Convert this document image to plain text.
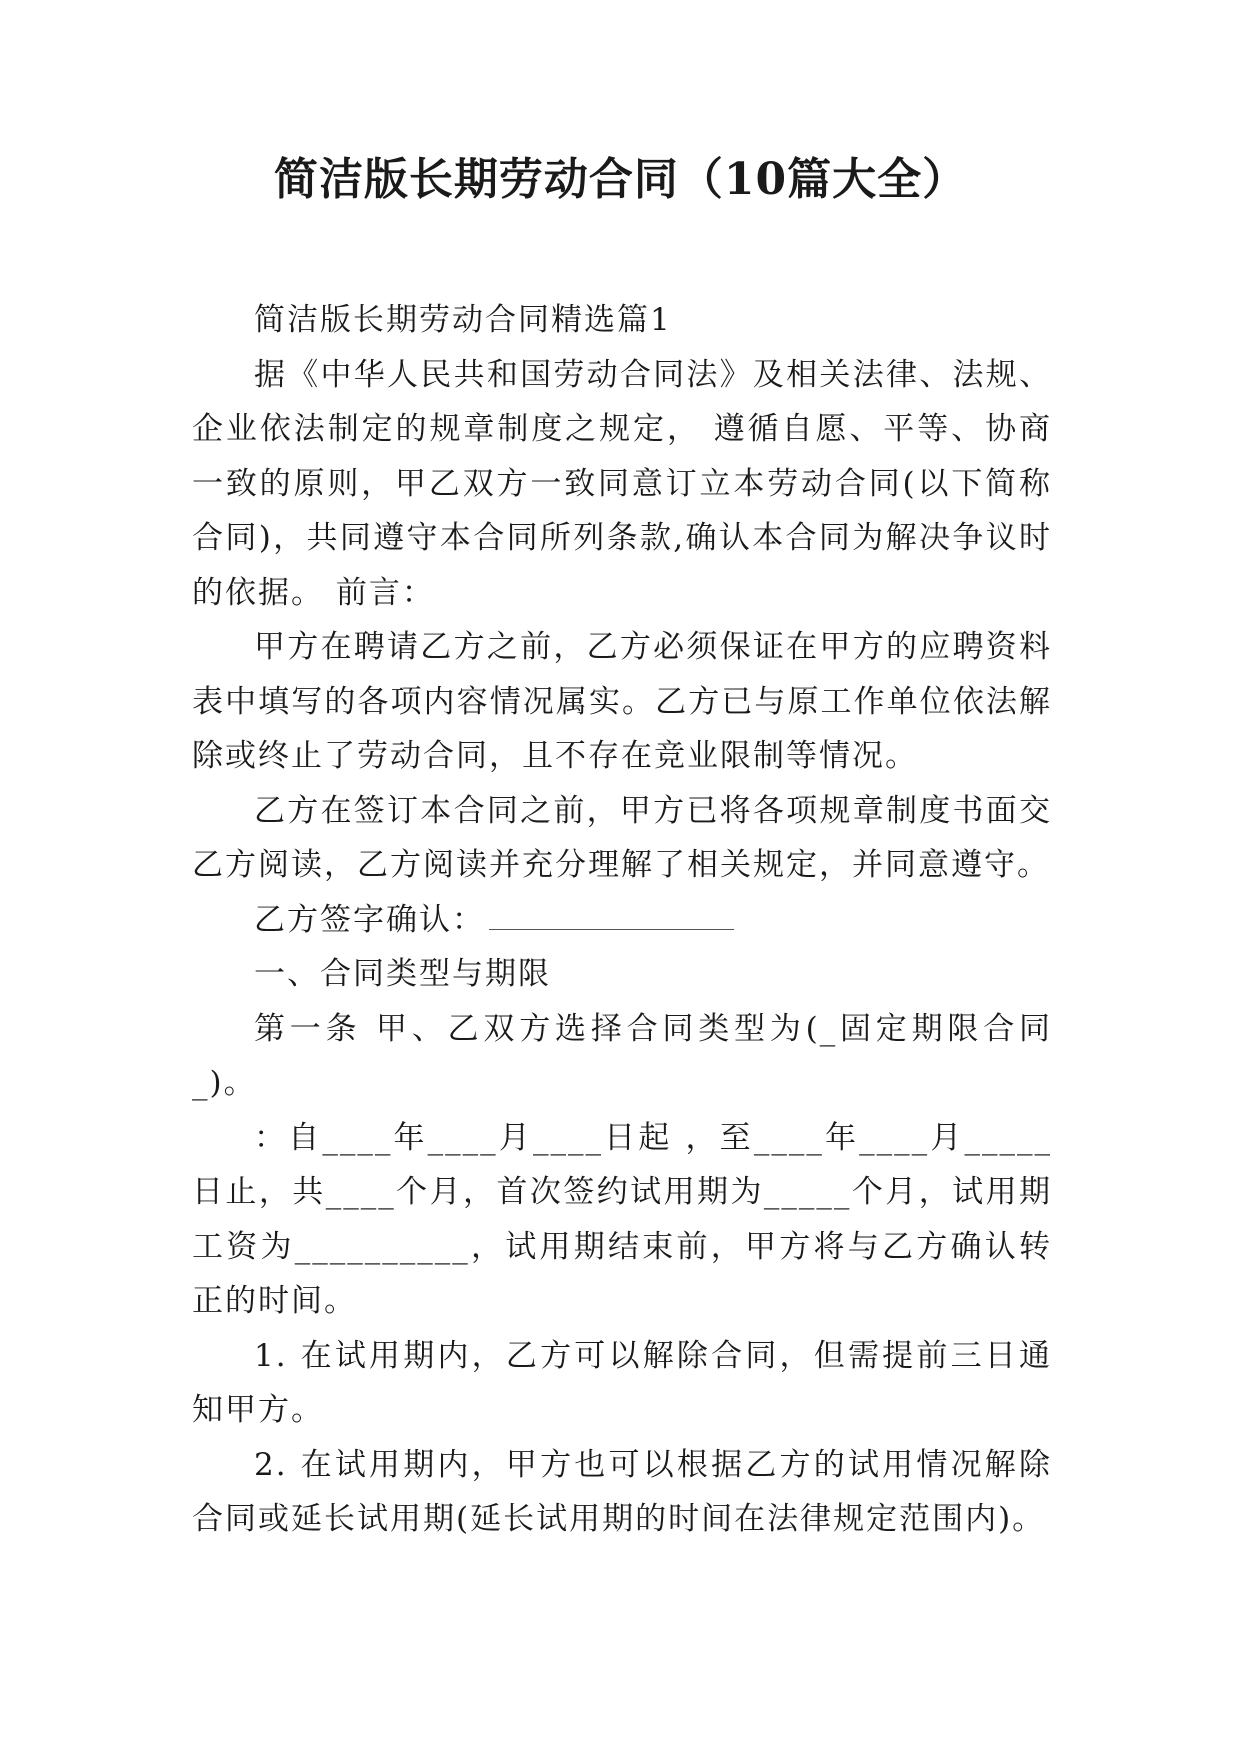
简洁版长期劳动合同（10篇大全）

简洁版长期劳动合同精选篇1

据《中华人民共和国劳动合同法》及相关法律、法规、企业依法制定的规章制度之规定， 遵循自愿、平等、协商一致的原则，甲乙双方一致同意订立本劳动合同(以下简称合同)，共同遵守本合同所列条款,确认本合同为解决争议时的依据。 前言：

甲方在聘请乙方之前，乙方必须保证在甲方的应聘资料表中填写的各项内容情况属实。乙方已与原工作单位依法解除或终止了劳动合同，且不存在竞业限制等情况。

乙方在签订本合同之前，甲方已将各项规章制度书面交乙方阅读，乙方阅读并充分理解了相关规定，并同意遵守。

乙方签字确认：

一、合同类型与期限

第一条 甲、乙双方选择合同类型为(_固定期限合同_)。

：自____年____月____日起 ，至____年____月_____日止，共____个月，首次签约试用期为_____个月，试用期工资为__________，试用期结束前，甲方将与乙方确认转正的时间。

1. 在试用期内，乙方可以解除合同，但需提前三日通知甲方。

2. 在试用期内，甲方也可以根据乙方的试用情况解除合同或延长试用期(延长试用期的时间在法律规定范围内)。
